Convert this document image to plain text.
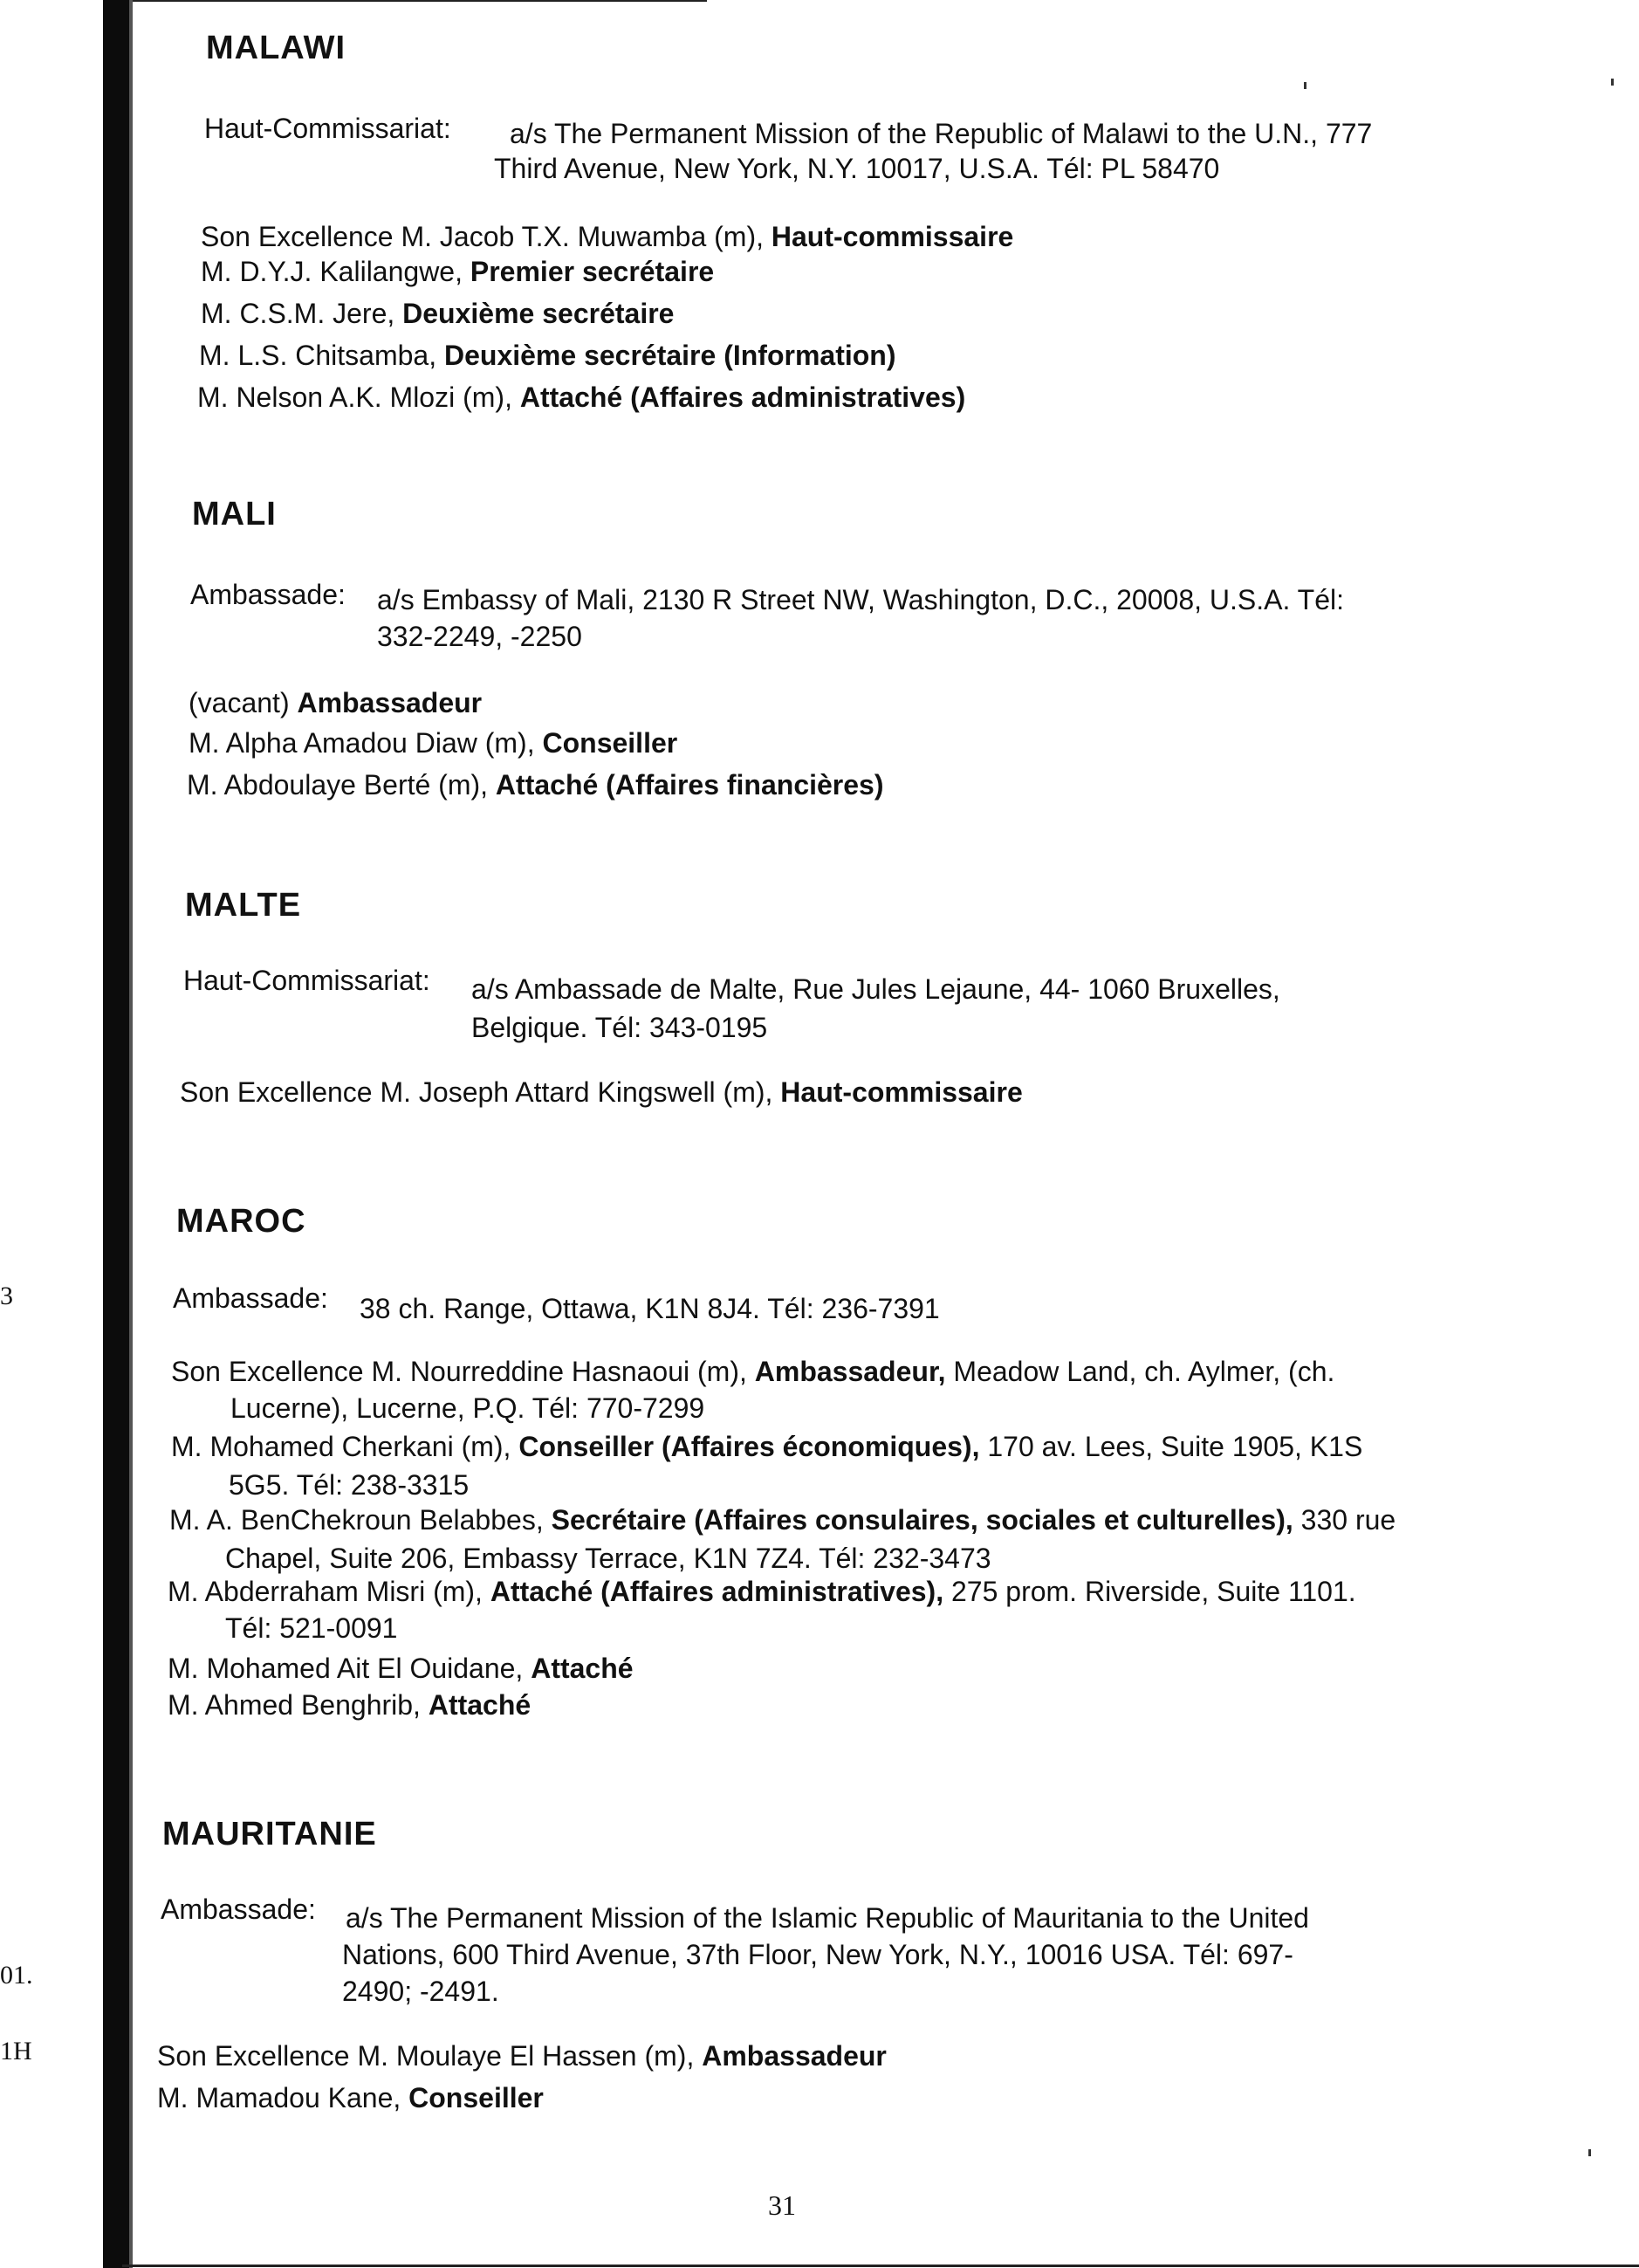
3
01.
1H
MALAWI
Haut-Commissariat: a/s The Permanent Mission of the Republic of Malawi to the U.N., 777
Third Avenue, New York, N.Y. 10017, U.S.A. Tél: PL 58470
Son Excellence M. Jacob T.X. Muwamba (m), Haut-commissaire
M. D.Y.J. Kalilangwe, Premier secrétaire
M. C.S.M. Jere, Deuxième secrétaire
M. L.S. Chitsamba, Deuxième secrétaire (Information)
M. Nelson A.K. Mlozi (m), Attaché (Affaires administratives)
MALI
Ambassade: a/s Embassy of Mali, 2130 R Street NW, Washington, D.C., 20008, U.S.A. Tél:
332-2249, -2250
(vacant) Ambassadeur
M. Alpha Amadou Diaw (m), Conseiller
M. Abdoulaye Berté (m), Attaché (Affaires financières)
MALTE
Haut-Commissariat: a/s Ambassade de Malte, Rue Jules Lejaune, 44- 1060 Bruxelles,
Belgique. Tél: 343-0195
Son Excellence M. Joseph Attard Kingswell (m), Haut-commissaire
MAROC
Ambassade: 38 ch. Range, Ottawa, K1N 8J4. Tél: 236-7391
Son Excellence M. Nourreddine Hasnaoui (m), Ambassadeur, Meadow Land, ch. Aylmer, (ch.
Lucerne), Lucerne, P.Q. Tél: 770-7299
M. Mohamed Cherkani (m), Conseiller (Affaires économiques), 170 av. Lees, Suite 1905, K1S
5G5. Tél: 238-3315
M. A. BenChekroun Belabbes, Secrétaire (Affaires consulaires, sociales et culturelles), 330 rue
Chapel, Suite 206, Embassy Terrace, K1N 7Z4. Tél: 232-3473
M. Abderraham Misri (m), Attaché (Affaires administratives), 275 prom. Riverside, Suite 1101.
Tél: 521-0091
M. Mohamed Ait El Ouidane, Attaché
M. Ahmed Benghrib, Attaché
MAURITANIE
Ambassade: a/s The Permanent Mission of the Islamic Republic of Mauritania to the United
Nations, 600 Third Avenue, 37th Floor, New York, N.Y., 10016 USA. Tél: 697-
2490; -2491.
Son Excellence M. Moulaye El Hassen (m), Ambassadeur
M. Mamadou Kane, Conseiller
31
